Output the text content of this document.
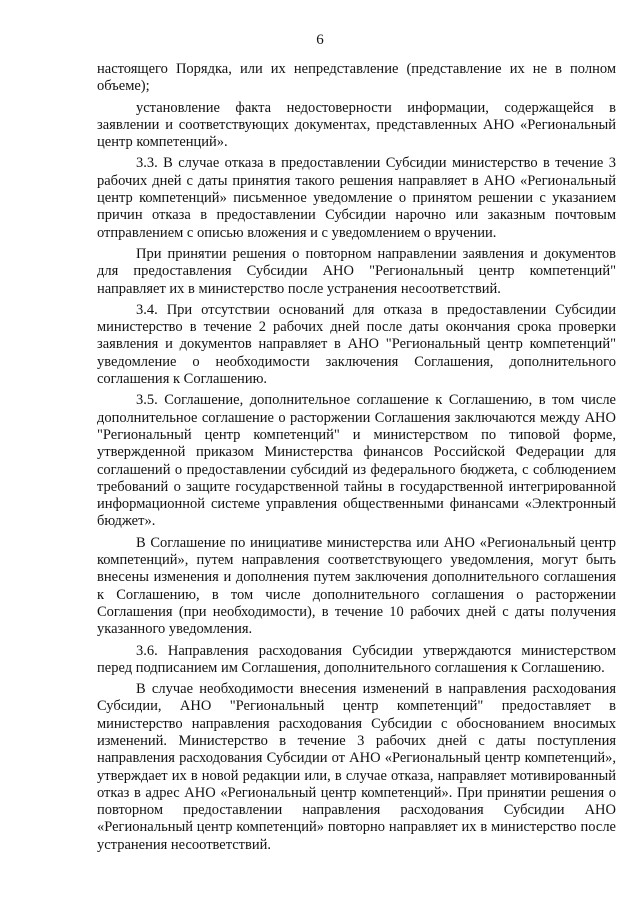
6

настоящего Порядка, или их непредставление (представление их не в полном объеме);

установление факта недостоверности информации, содержащейся в заявлении и соответствующих документах, представленных АНО «Региональный центр компетенций».

3.3. В случае отказа в предоставлении Субсидии министерство в течение 3 рабочих дней с даты принятия такого решения направляет в АНО «Региональный центр компетенций» письменное уведомление о принятом решении с указанием причин отказа в предоставлении Субсидии нарочно или заказным почтовым отправлением с описью вложения и с уведомлением о вручении.

При принятии решения о повторном направлении заявления и документов для предоставления Субсидии АНО "Региональный центр компетенций" направляет их в министерство после устранения несоответствий.

3.4. При отсутствии оснований для отказа в предоставлении Субсидии министерство в течение 2 рабочих дней после даты окончания срока проверки заявления и документов направляет в АНО "Региональный центр компетенций" уведомление о необходимости заключения Соглашения, дополнительного соглашения к Соглашению.

3.5. Соглашение, дополнительное соглашение к Соглашению, в том числе дополнительное соглашение о расторжении Соглашения заключаются между АНО "Региональный центр компетенций" и министерством по типовой форме, утвержденной приказом Министерства финансов Российской Федерации для соглашений о предоставлении субсидий из федерального бюджета, с соблюдением требований о защите государственной тайны в государственной интегрированной информационной системе управления общественными финансами «Электронный бюджет».

В Соглашение по инициативе министерства или АНО «Региональный центр компетенций», путем направления соответствующего уведомления, могут быть внесены изменения и дополнения путем заключения дополнительного соглашения к Соглашению, в том числе дополнительного соглашения о расторжении Соглашения (при необходимости), в течение 10 рабочих дней с даты получения указанного уведомления.

3.6. Направления расходования Субсидии утверждаются министерством перед подписанием им Соглашения, дополнительного соглашения к Соглашению.

В случае необходимости внесения изменений в направления расходования Субсидии, АНО "Региональный центр компетенций" предоставляет в министерство направления расходования Субсидии с обоснованием вносимых изменений. Министерство в течение 3 рабочих дней с даты поступления направления расходования Субсидии от АНО «Региональный центр компетенций», утверждает их в новой редакции или, в случае отказа, направляет мотивированный отказ в адрес АНО «Региональный центр компетенций». При принятии решения о повторном предоставлении направления расходования Субсидии АНО «Региональный центр компетенций» повторно направляет их в министерство после устранения несоответствий.
